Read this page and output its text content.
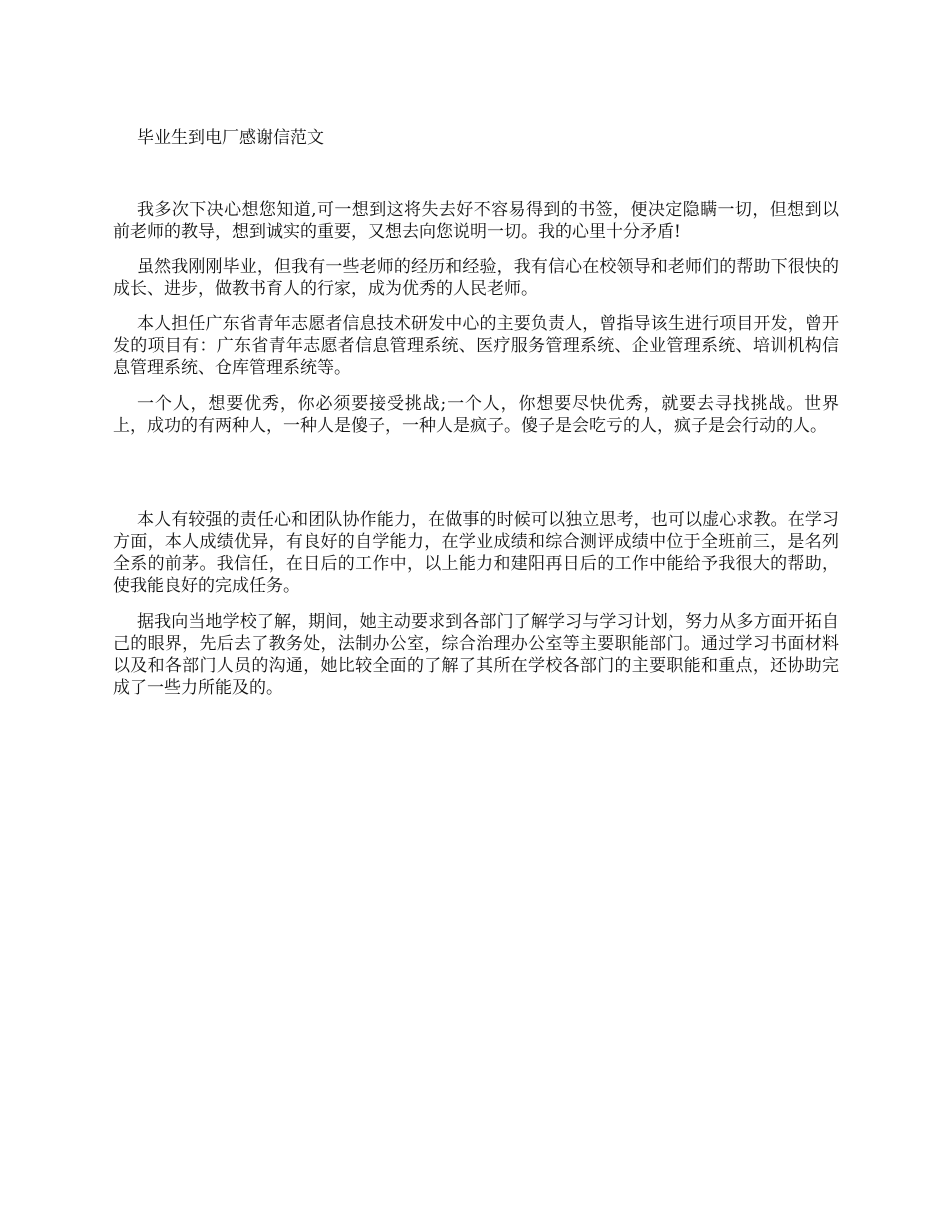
毕业生到电厂感谢信范文

我多次下决心想您知道,可一想到这将失去好不容易得到的书签，便决定隐瞒一切，但想到以前老师的教导，想到诚实的重要，又想去向您说明一切。我的心里十分矛盾!

虽然我刚刚毕业，但我有一些老师的经历和经验，我有信心在校领导和老师们的帮助下很快的成长、进步，做教书育人的行家，成为优秀的人民老师。

本人担任广东省青年志愿者信息技术研发中心的主要负责人，曾指导该生进行项目开发，曾开发的项目有：广东省青年志愿者信息管理系统、医疗服务管理系统、企业管理系统、培训机构信息管理系统、仓库管理系统等。

一个人，想要优秀，你必须要接受挑战;一个人，你想要尽快优秀，就要去寻找挑战。世界上，成功的有两种人，一种人是傻子，一种人是疯子。傻子是会吃亏的人，疯子是会行动的人。

本人有较强的责任心和团队协作能力，在做事的时候可以独立思考，也可以虚心求教。在学习方面，本人成绩优异，有良好的自学能力，在学业成绩和综合测评成绩中位于全班前三，是名列全系的前茅。我信任，在日后的工作中，以上能力和建阳再日后的工作中能给予我很大的帮助，使我能良好的完成任务。

据我向当地学校了解，期间，她主动要求到各部门了解学习与学习计划，努力从多方面开拓自己的眼界，先后去了教务处，法制办公室，综合治理办公室等主要职能部门。通过学习书面材料以及和各部门人员的沟通，她比较全面的了解了其所在学校各部门的主要职能和重点，还协助完成了一些力所能及的。
